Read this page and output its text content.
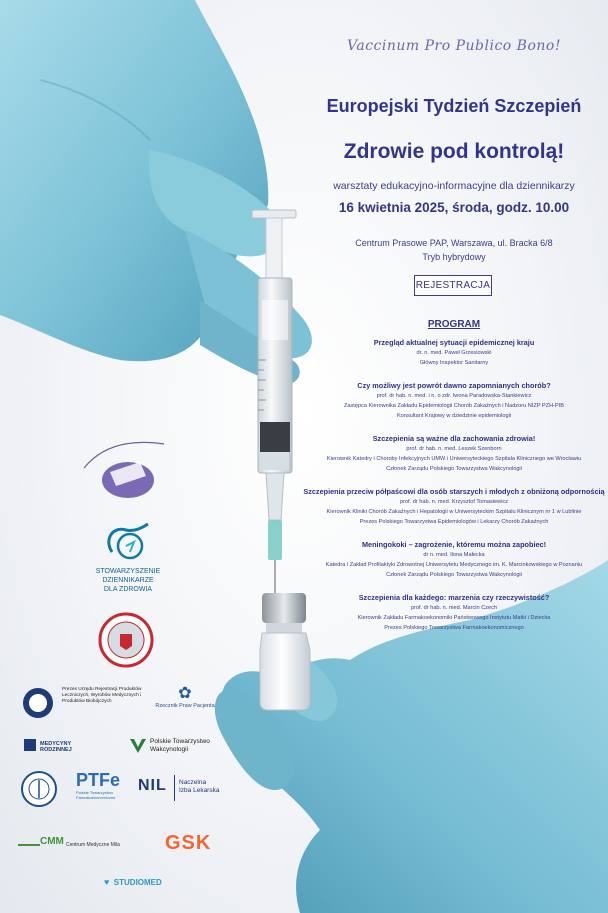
Vaccinum Pro Publico Bono!
Europejski Tydzień Szczepień
Zdrowie pod kontrolą!
warsztaty edukacyjno-informacyjne dla dziennikarzy
16 kwietnia 2025, środa, godz. 10.00
Centrum Prasowe PAP, Warszawa, ul. Bracka 6/8
Tryb hybrydowy
REJESTRACJA
PROGRAM
Przegląd aktualnej sytuacji epidemicznej kraju
dr. n. med. Paweł Grzesiowski
Główny Inspektor Sanitarny
Czy możliwy jest powrót dawno zapomnianych chorób?
prof. dr hab. n. med. i n. o zdr. Iwona Paradowska-Stankiewicz
Zastępca Kierownika Zakładu Epidemiologii Chorób Zakaźnych i Nadzoru NIZP PZH-PIB
Konsultant Krajowy w dziedzinie epidemiologii
Szczepienia są ważne dla zachowania zdrowia!
prof. dr hab. n. med. Leszek Szenborn
Kierownik Katedry i Choroby Infekcyjnych UMW i Uniwersyteckiego Szpitala Klinicznego we Wrocławiu
Członek Zarządu Polskiego Towarzystwa Wakcynologii
Szczepienia przeciw półpaścowi dla osób starszych i młodych z obniżoną odpornością
prof. dr hab. n. med. Krzysztof Tomasiewicz
Kierownik Kliniki Chorób Zakaźnych i Hepatologii w Uniwersyteckim Szpitalu Klinicznym nr 1 w Lublinie
Prezes Polskiego Towarzystwa Epidemiologów i Lekarzy Chorób Zakaźnych
Meningokoki – zagrożenie, któremu można zapobiec!
dr n. med. Ilona Małecka
Katedra i Zakład Profilaktyki Zdrowotnej Uniwersytetu Medycznego im. K. Marcinkowskiego w Poznaniu
Członek Zarządu Polskiego Towarzystwa Wakcynologii
Szczepienia dla każdego: marzenia czy rzeczywistość?
prof. dr hab. n. med. Marcin Czech
Kierownik Zakładu Farmakoekonomiki Państwowego Instytutu Matki i Dziecka
Prezes Polskiego Towarzystwa Farmakoekonomicznego
STOWARZYSZENIE
DZIENNIKARZE
DLA ZDROWIA
Prezes Urzędu Rejestracji Produktów Leczniczych, Wyrobów Medycznych i Produktów Biobójczych	✿
Rzecznik Praw Pacjenta
MEDYCYNY RODZINNEJ
Polskie Towarzystwo
Wakcynologii
PTFe
Polskie Towarzystwo Farmakoekonomiczne
NIL Naczelna
Izba Lekarska
CMM Centrum Medyczne Mila GSK
♥ STUDIOMED
